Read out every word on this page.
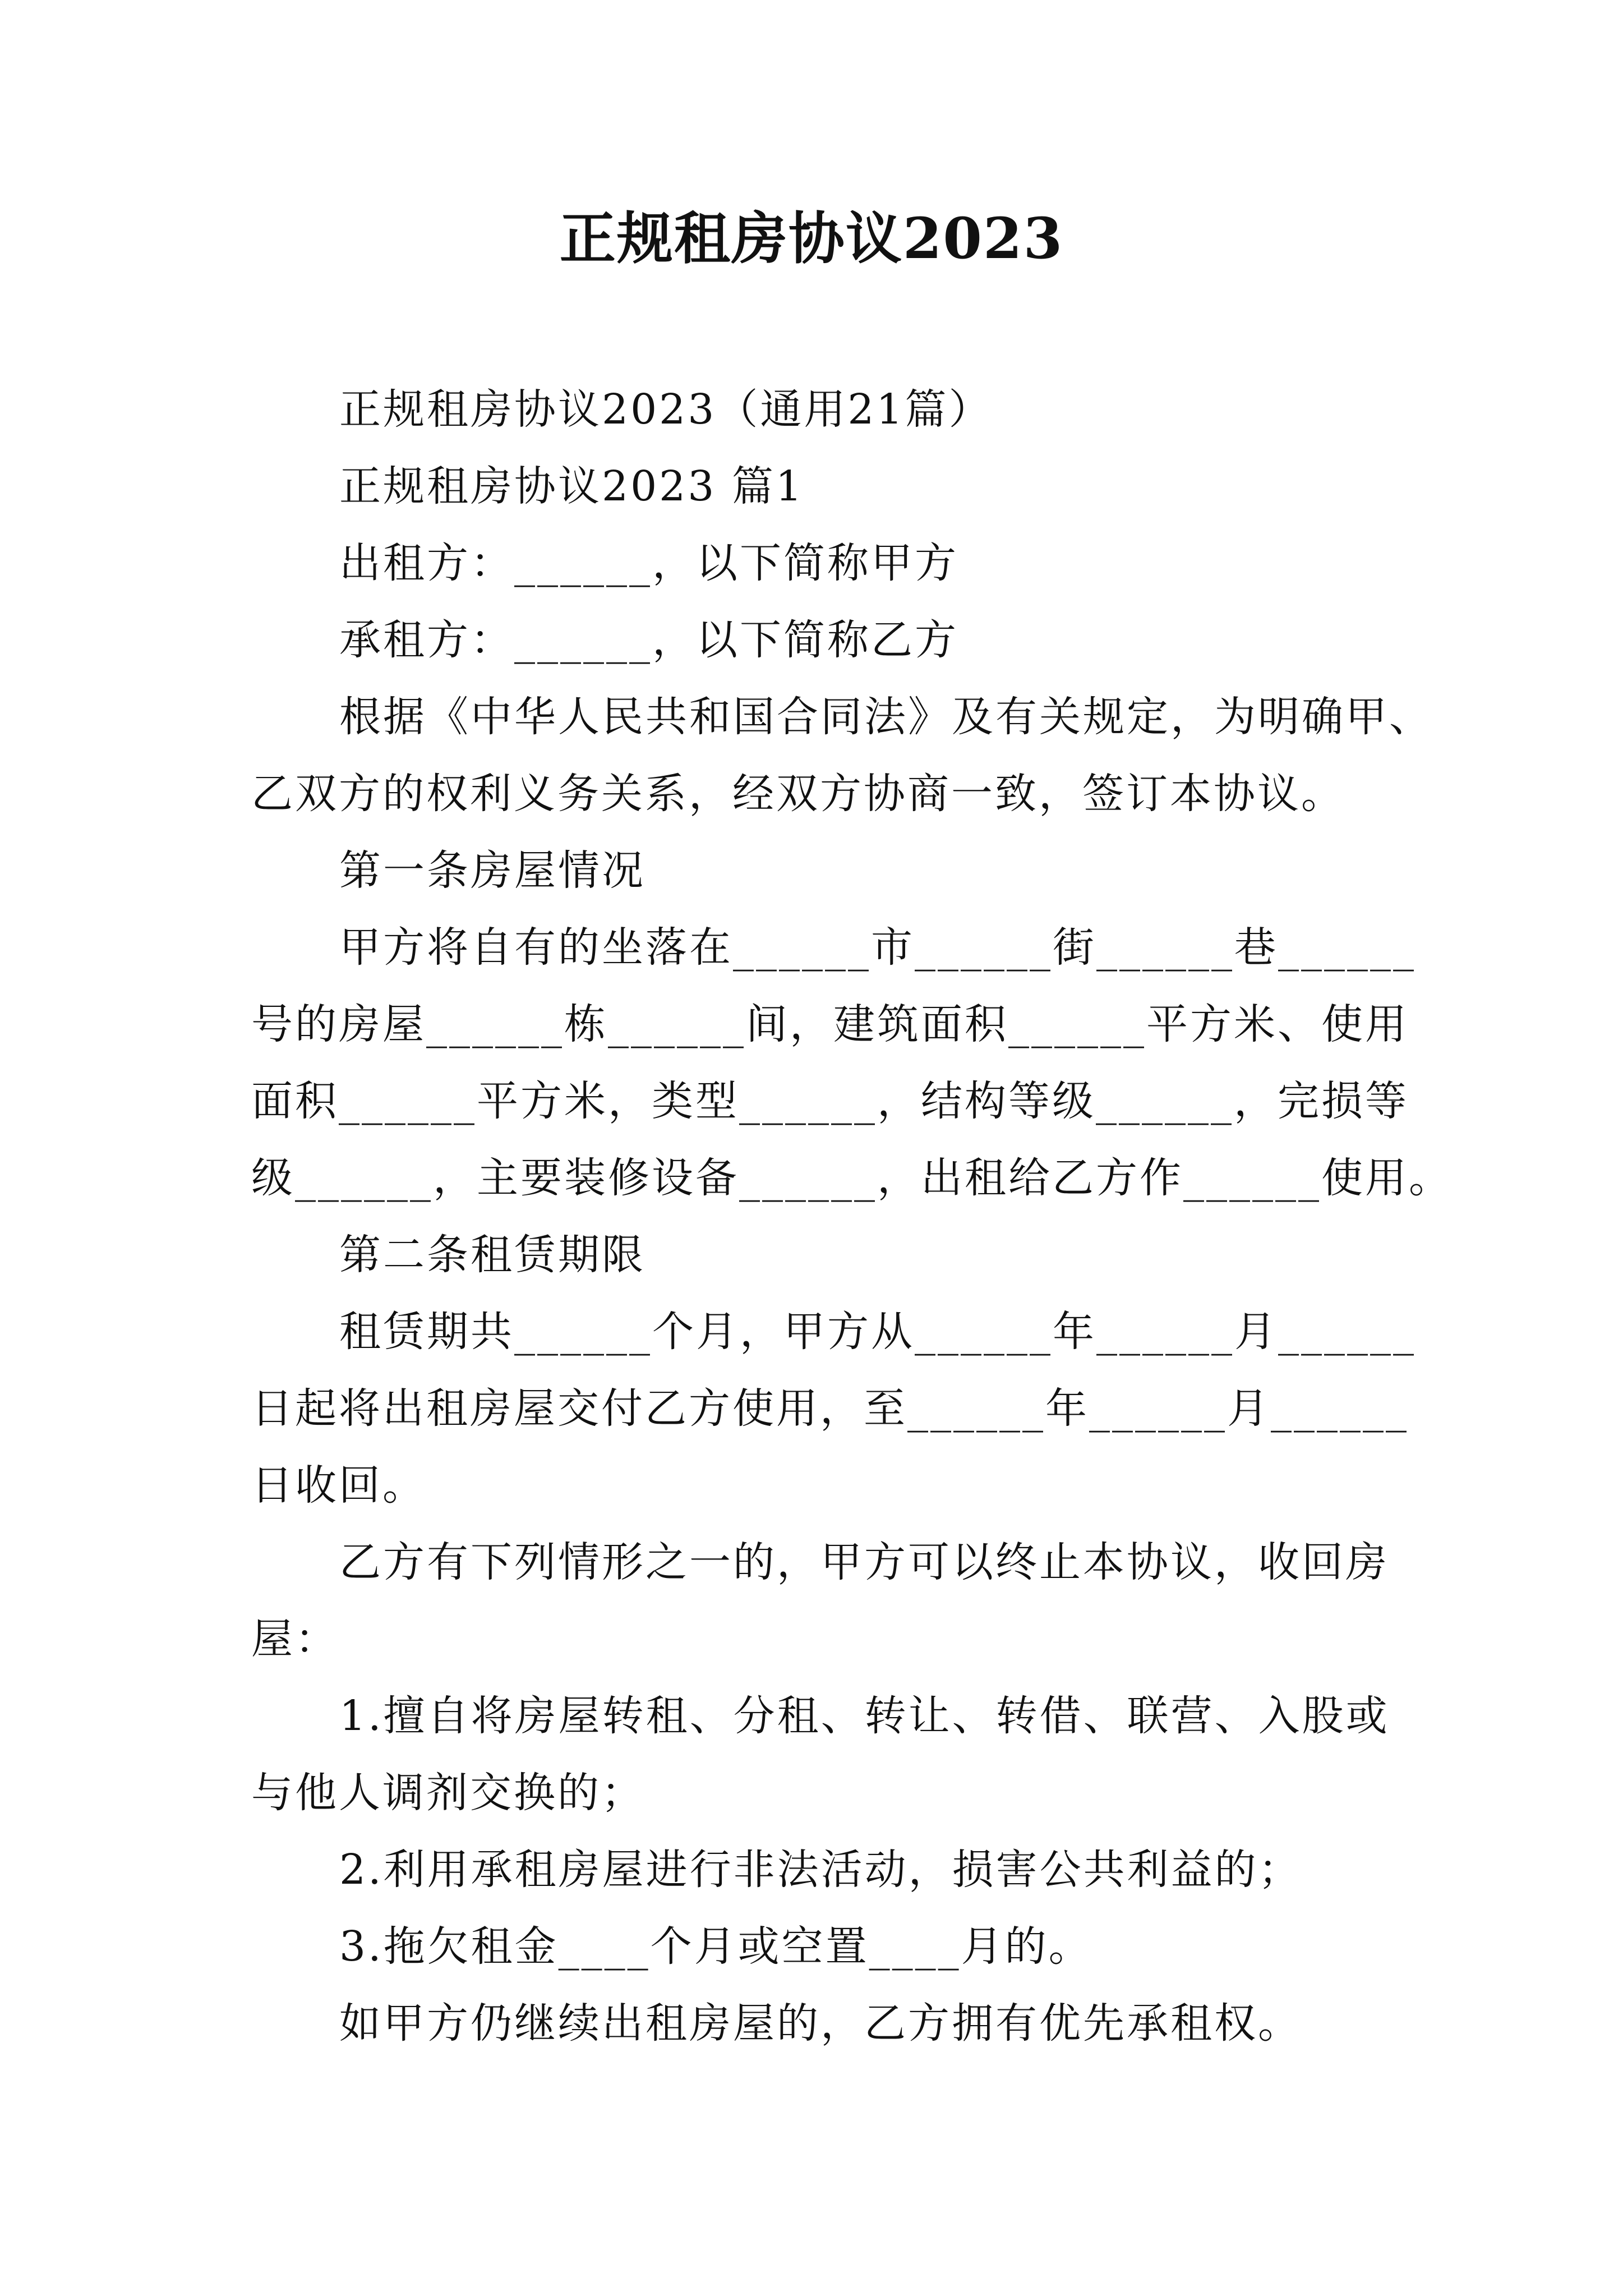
正规租房协议2023
正规租房协议2023（通用21篇）
正规租房协议2023 篇1
出租方：______，以下简称甲方
承租方：______，以下简称乙方
根据《中华人民共和国合同法》及有关规定，为明确甲、
乙双方的权利义务关系，经双方协商一致，签订本协议。
第一条房屋情况
甲方将自有的坐落在______市______街______巷______
号的房屋______栋______间，建筑面积______平方米、使用
面积______平方米，类型______，结构等级______，完损等
级______，主要装修设备______，出租给乙方作______使用。
第二条租赁期限
租赁期共______个月，甲方从______年______月______
日起将出租房屋交付乙方使用，至______年______月______
日收回。
乙方有下列情形之一的，甲方可以终止本协议，收回房
屋：
1.擅自将房屋转租、分租、转让、转借、联营、入股或
与他人调剂交换的；
2.利用承租房屋进行非法活动，损害公共利益的；
3.拖欠租金____个月或空置____月的。
如甲方仍继续出租房屋的，乙方拥有优先承租权。
